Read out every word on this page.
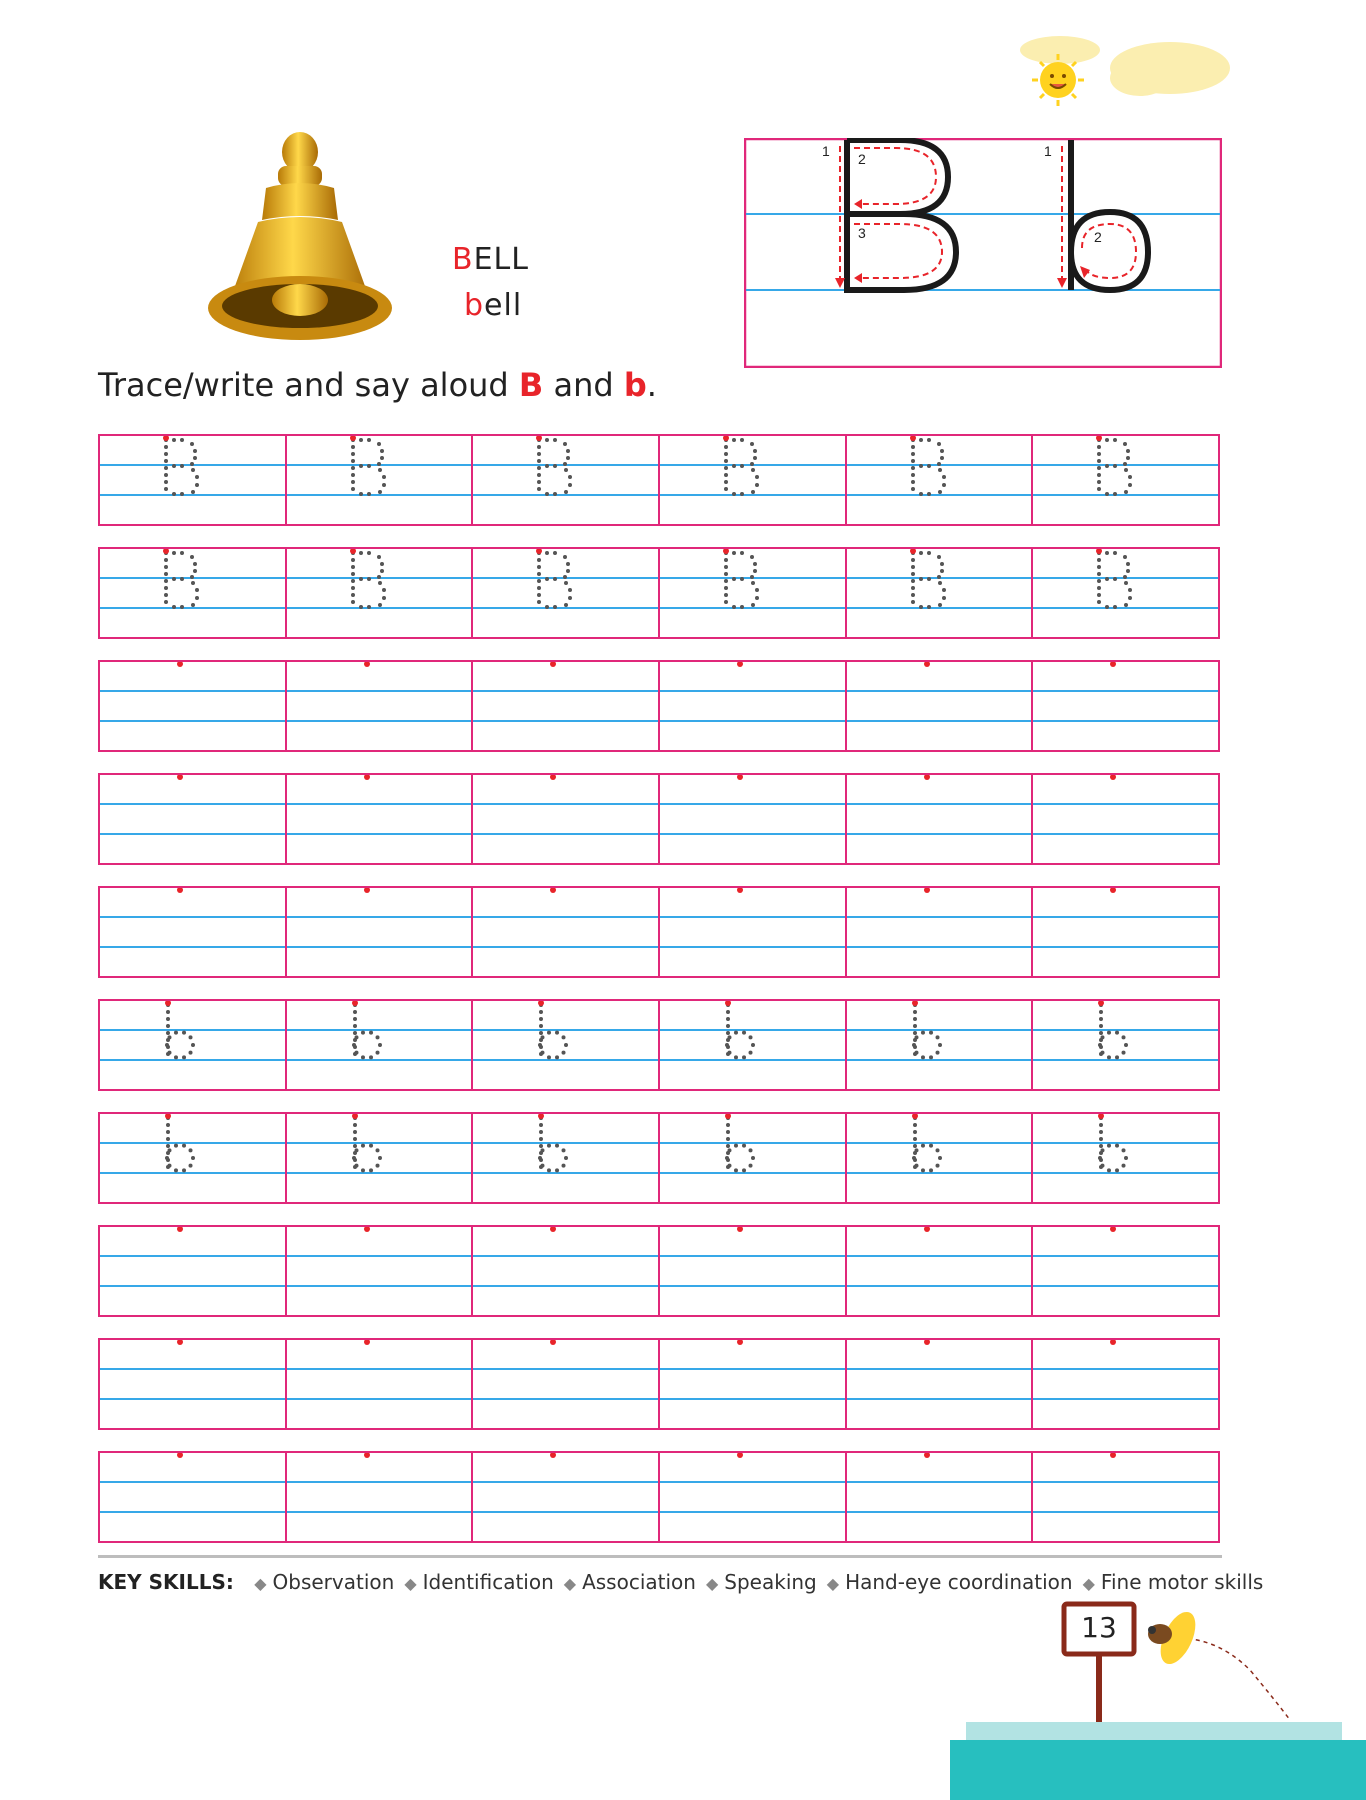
BELL
bell
1 2
3
1
2
Trace/write and say aloud B and b.
KEY SKILLS: ◆ Observation ◆ Identification ◆ Association ◆ Speaking ◆ Hand-eye coordination ◆ Fine motor skills
13
